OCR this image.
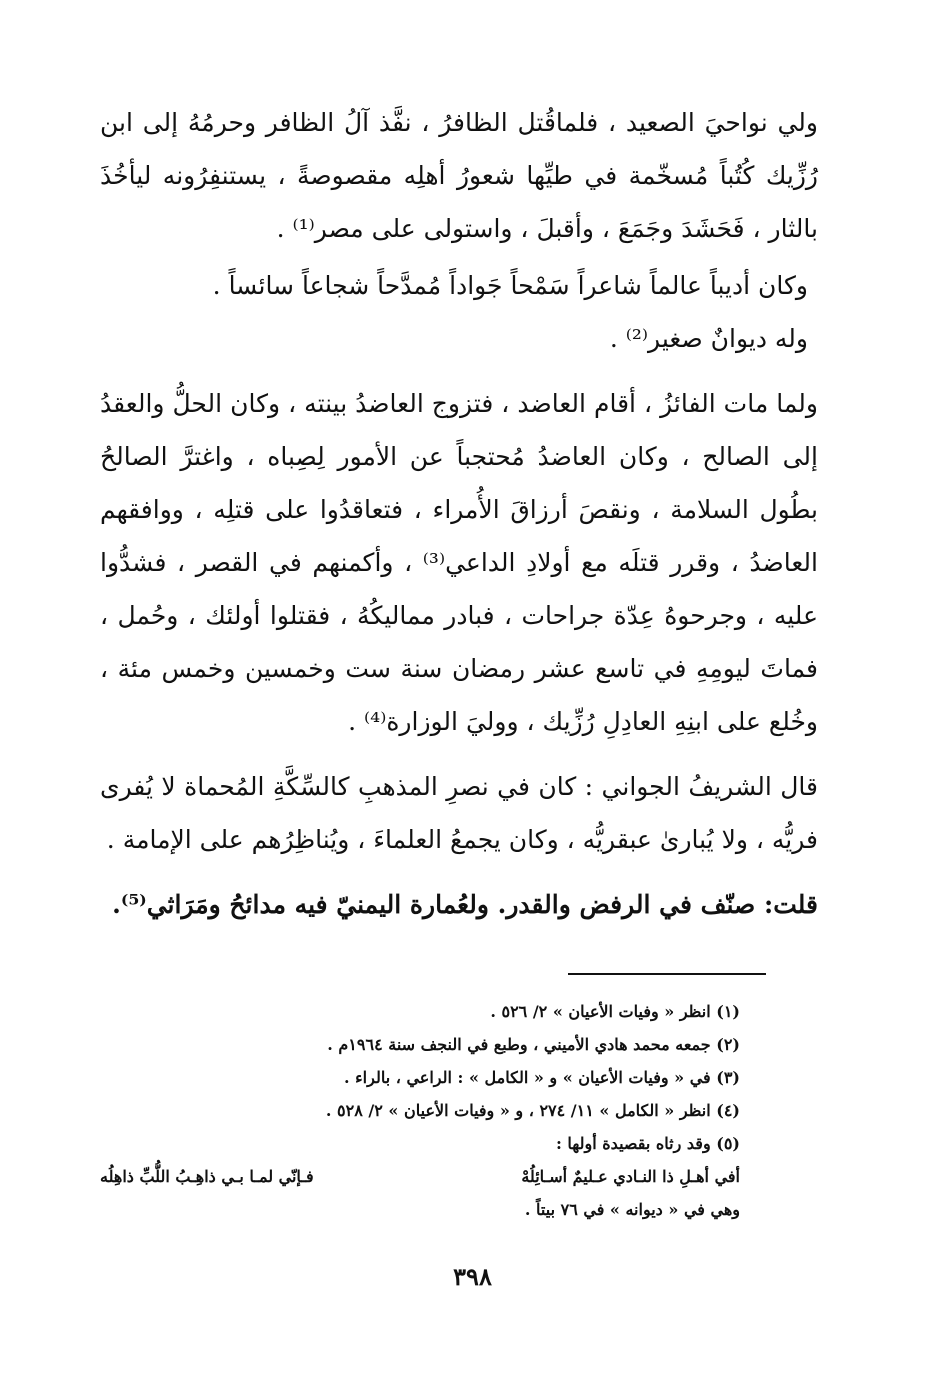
ولي نواحيَ الصعيد ، فلماقُتل الظافرُ ، نفَّذ آلُ الظافر وحرمُهُ إلى ابن رُزِّيك كُتُباً مُسخّمة في طيِّها شعورُ أهلِه مقصوصةً ، يستنفِرُونه ليأخُذَ بالثار ، فَحَشَدَ وجَمَعَ ، وأقبلَ ، واستولى على مصر⁽¹⁾ .

وكان أديباً عالماً شاعراً سَمْحاً جَواداً مُمدَّحاً شجاعاً سائساً .

وله ديوانٌ صغير⁽²⁾ .

ولما مات الفائزُ ، أقام العاضد ، فتزوج العاضدُ بينته ، وكان الحلُّ والعقدُ إلى الصالح ، وكان العاضدُ مُحتجباً عن الأمور لِصِباه ، واغترَّ الصالحُ بطُول السلامة ، ونقصَ أرزاقَ الأُمراء ، فتعاقدُوا على قتلِه ، ووافقهم العاضدُ ، وقرر قتلَه مع أولادِ الداعي⁽³⁾ ، وأكمنهم في القصر ، فشدُّوا عليه ، وجرحوهُ عِدّة جراحات ، فبادر مماليكُهُ ، فقتلوا أولئك ، وحُمل ، فماتَ ليومِهِ في تاسع عشر رمضان سنة ست وخمسين وخمس مئة ، وخُلع على ابنِهِ العادِلِ رُزِّيك ، ووليَ الوزارة⁽⁴⁾ .

قال الشريفُ الجواني : كان في نصرِ المذهبِ كالسِّكَّةِ المُحماة لا يُفرى فريُّه ، ولا يُبارىٰ عبقريُّه ، وكان يجمعُ العلماءَ ، ويُناظِرُهم على الإمامة .

قلت: صنّف في الرفض والقدر. ولعُمارة اليمنيّ فيه مدائحُ ومَرَاثي⁽⁵⁾.

(١) انظر « وفيات الأعيان » ٢/ ٥٢٦ .

(٢) جمعه محمد هادي الأميني ، وطبع في النجف سنة ١٩٦٤م .

(٣) في « وفيات الأعيان » و « الكامل » : الراعي ، بالراء .

(٤) انظر « الكامل » ١١/ ٢٧٤ ، و « وفيات الأعيان » ٢/ ٥٢٨ .

(٥) وقد رثاه بقصيدة أولها :

أفي أهـلِ ذا النـادي عـليمٌ أسـائِلُهْ
فـإنّي لمـا بـي ذاهِـبُ اللُّبِّ ذاهِلُه

وهي في « ديوانه » في ٧٦ بيتاً .

٣٩٨
